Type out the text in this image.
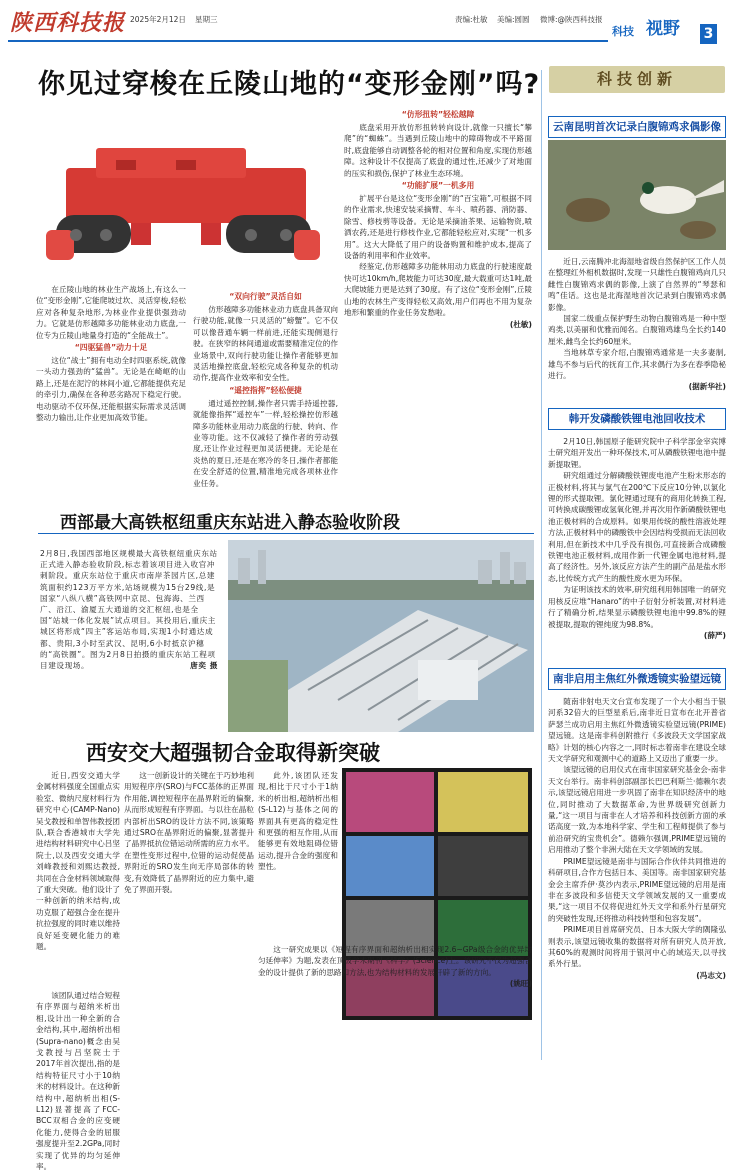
陕西科技报 2025年2月12日 星期三	责编:杜敏 美编:圆圆 微博:@陕西科技报
科技 视野 3
你见过穿梭在丘陵山地的“变形金刚”吗?

在丘陵山地的林业生产战场上,有这么一位“变形金刚”,它能爬坡过坎、灵活穿梭,轻松应对各种复杂地形,为林业作业提供强劲动力。它就是仿形越障多功能林业动力底盘,一位专为丘陵山地量身打造的“全能战士”。

“四驱猛兽”动力十足

这位“战士”拥有电动全时四驱系统,就像一头动力强劲的“猛兽”。无论是在崎岖的山路上,还是在泥泞的林间小道,它都能提供充足的牵引力,确保在各种恶劣路况下稳定行驶。电动驱动不仅环保,还能根据实际需求灵活调整动力输出,让作业更加高效节能。

“双向行驶”灵活自如

仿形越障多功能林业动力底盘具备双向行驶功能,就像一只灵活的“螃蟹”。它不仅可以像普通车辆一样前进,还能实现侧退行驶。在狭窄的林间通道或需要精准定位的作业场景中,双向行驶功能让操作者能够更加灵活地操控底盘,轻松完成各种复杂的机动动作,提高作业效率和安全性。

“遥控指挥”轻松便捷

通过遥控控制,操作者只需手持遥控器,就能像指挥“遥控车”一样,轻松操控仿形越障多功能林业用动力底盘的行驶、转向、作业等功能。这不仅减轻了操作者的劳动强度,还让作业过程更加灵活便捷。无论是在炎热的夏日,还是在寒冷的冬日,操作者都能在安全舒适的位置,精准地完成各项林业作业任务。

“仿形扭转”轻松越障

底盘采用开放仿形扭转转向设计,就像一只擅长“攀爬”的“蜘蛛”。当遇到丘陵山地中的障碍物或不平路面时,底盘能够自动调整各轮的相对位置和角度,实现仿形越障。这种设计不仅提高了底盘的通过性,还减少了对地面的压实和损伤,保护了林业生态环境。

“功能扩展”一机多用

扩展平台是这位“变形金刚”的“百宝箱”,可根据不同的作业需求,快速安装采摘臂、车斗、喷药器、消防器、除雪、修枝剪等设备。无论是采摘油茶果、运输物资,喷洒农药,还是进行修枝作业,它都能轻松应对,实现“一机多用”。这大大降低了用户的设备购置和维护成本,提高了设备的利用率和作业效率。

经鉴定,仿形越障多功能林用动力底盘的行驶速度最快可达10km/h,爬坡能力可达30度,最大载重可达1吨,最大爬坡能力更是达到了30度。有了这位“变形金刚”,丘陵山地的农林生产变得轻松又高效,用户们再也不用为复杂地形和繁重的作业任务发愁啦。

(杜敏)
西部最大高铁枢纽重庆东站进入静态验收阶段
2月8日,我国西部地区规模最大高铁枢纽重庆东站正式进入静态验收阶段,标志着该项目进入收官冲刺阶段。重庆东站位于重庆市南岸茶园片区,总建筑面积约123万平方米,站场规模为15台29线,是国家“八纵八横”高铁网中京昆、包海海、兰西广、沿江、渝厦五大通道的交汇枢纽,也是全国“站城一体化发展”试点项目。其投用后,重庆主城区将形成“四主”客运站布局,实现1小时通达成都、贵阳,3小时至武汉、昆明,6小时抵京沪穗的“高铁圈”。图为2月8日拍摄的重庆东站工程项目建设现场。	唐奕 摄
西安交大超强韧合金取得新突破

近日,西安交通大学金属材料强度全国重点实验室、微纳尺度材料行为研究中心(CAMP-Nano)吴戈教授和单智伟教授团队,联合香港城市大学先进结构材料研究中心吕坚院士,以及西安交通大学刘峰教授和刘熙达教授,共同在合金材料领域取得了重大突破。他们设计了一种创新的纳米结构,成功克服了超强合金在提升抗拉强度的同时难以维持良好延变硬化能力的难题。

该团队通过结合短程有序界面与超纳米析出相,设计出一种全新的合金结构,其中,超纳析出相(Supra-nano)概念由吴戈教授与吕坚院士于2017年首次提出,指的是结构特征尺寸小于10纳米的材料设计。在这种新结构中,超纳析出相(S-L12)显著提高了FCC-BCC双相合金的应变硬化能力,使得合金的屈服强度提升至2.2GPa,同时实现了优异的均匀延伸率。

这一创新设计的关键在于巧妙地利用短程序序(SRO)与FCC基体的正界面作用能,调控短程序在晶界附近的偏聚,从而形成短程有序界面。与以往在晶粒内部析出SRO的设计方法不同,该策略通过SRO在晶界附近的偏聚,显著提升了晶界抵抗位错运动所需的应力水平。在塑性变形过程中,位错的运动促使晶界附近的SRO发生向无序局部体的转变,有效降低了晶界附近的应力集中,避免了界面开裂。

此外,该团队还发现,相比于尺寸小于1纳米的析出相,超纳析出相(S-L12)与基体之间的界面具有更高的稳定性和更强的相互作用,从而能够更有效地阻碍位错运动,提升合金的强度和塑性。

这一研究成果以《短程有序界面和超纳析出相实现2.6~GPa级合金的优异均匀延伸率》为题,发表在顶级学术期刊《科学》(Science)上。该研究不仅为超强合金的设计提供了新的思路和方法,也为结构材料的发展开辟了新的方向。

(姚旺)
科技创新
云南昆明首次记录白腹锦鸡求偶影像

近日,云南腾冲北海湿地省级自然保护区工作人员在整理红外相机数据时,发现一只雄性白腹锦鸡向几只雌性白腹锦鸡求偶的影像,上演了自然界的“琴瑟和鸣”佳话。这也是北海湿地首次记录到白腹锦鸡求偶影像。

国家二级重点保护野生动物白腹锦鸡是一种中型鸡类,以美丽和优雅而闻名。白腹锦鸡雄鸟全长约140厘米,雌鸟全长约60厘米。

当地林草专家介绍,白腹锦鸡通常是一夫多妻制,雄鸟不参与后代的抚育工作,其求偶行为多在春季隐秘进行。

(据新华社)
韩开发磷酸铁锂电池回收技术

2月10日,韩国原子能研究院中子科学部金宰宾博士研究组开发出一种环保技术,可从磷酸铁锂电池中提新提取锂。

研究组通过分解磷酸铁锂废电池产生粉末形态的正极材料,将其与氯气在200℃下反应10分钟,以氯化锂的形式提取锂。氯化锂通过现有的商用化转换工程,可转换成碳酸锂或氢氧化锂,并再次用作新磷酸铁锂电池正极材料的合成原料。如果用传统的酸性溶液处理方法,正极材料中的磷酸铁中会因结构受损而无法回收利用,但在新技术中几乎没有损伤,可直接新合成磷酸铁锂电池正极材料,成用作新一代锂金属电池材料,提高了经济性。另外,该反应方法产生的副产品是盐水形态,比传统方式产生的酸性废水更为环保。

为证明该技术的效率,研究组利用韩国唯一的研究用核反应堆“Hanaro”的中子衍射分析装置,对材料进行了精确分析,结果显示磷酸铁锂电池中99.8%的锂被提取,提取的锂纯度为98.8%。

(薛严)
南非启用主焦红外微透镜实验望远镜

随南非射电天文台宣布发现了一个大小相当于银河系32倍大的巨型星系后,南非近日宣布在北开普省萨瑟兰成功启用主焦红外微透镜实验望远镜(PRIME)望远镜。这是南非科创附推行《多波段天文学国家战略》计划的核心内容之一,同时标志着南非在建设全球天文学研究和观测中心的道路上又迈出了重要一步。

该望远镜的启用仪式在南非国家研究基金会-南非天文台举行。南非科创部副部长巴巴利斯兰·德赖尔表示,该望远镜启用进一步巩固了南非在知识经济中的地位,同时推动了大数据革命,为世界级研究创新力量,“这一项目与南非在人才培养和科技创新方面的承诺高度一致,为本地科学家、学生和工程师提供了参与前沿研究的宝贵机会”。德赖尔强调,PRIME望远镜的启用推动了整个非洲大陆在天文学领域的发展。

PRIME望远镜是南非与国际合作伙伴共同推进的科研项目,合作方包括日本、美国等。南非国家研究基金会主席乔伊·莫沙内表示,PRIME望远镜的启用是南非在多波段和多信使天文学领域发展的又一重要成果,“这一项目不仅将促进红外天文学和系外行星研究的突破性发现,还将推动科技转型和包容发展”。

PRIME项目首席研究员、日本大阪大学的隅隆弘则表示,该望远镜收集的数据将对所有研究人员开放,其60%的观测时间将用于银河中心的域巡天,以寻找系外行星。

(冯志文)
